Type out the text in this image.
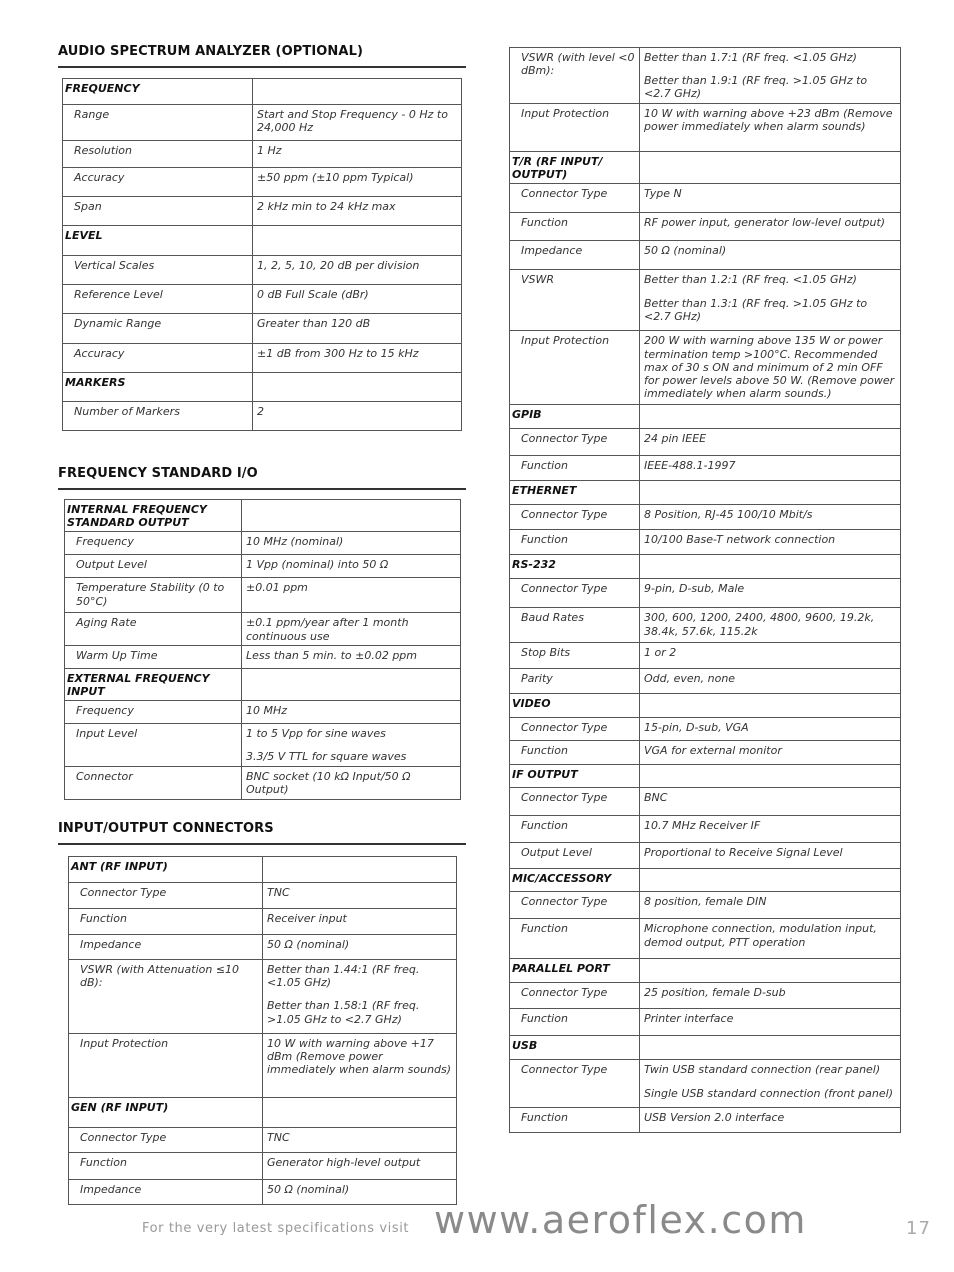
AUDIO SPECTRUM ANALYZER (OPTIONAL)
FREQUENCY	
Range	Start and Stop Frequency - 0 Hz to 24,000 Hz

Resolution	1 Hz

Accuracy	±50 ppm (±10 ppm Typical)

Span	2 kHz min to 24 kHz max

LEVEL	
Vertical Scales	1, 2, 5, 10, 20 dB per division

Reference Level	0 dB Full Scale (dBr)

Dynamic Range	Greater than 120 dB

Accuracy	±1 dB from 300 Hz to 15 kHz

MARKERS	
Number of Markers	2

FREQUENCY STANDARD I/O
INTERNAL FREQUENCY STANDARD OUTPUT	
Frequency	10 MHz (nominal)

Output Level	1 Vpp (nominal) into 50 Ω

Temperature Stability (0 to 50°C)	±0.01 ppm

Aging Rate	±0.1 ppm/year after 1 month continuous use

Warm Up Time	Less than 5 min. to ±0.02 ppm

EXTERNAL FREQUENCY INPUT	
Frequency	10 MHz

Input Level	1 to 5 Vpp for sine waves

3.3/5 V TTL for square waves

Connector	BNC socket (10 kΩ Input/50 Ω Output)

INPUT/OUTPUT CONNECTORS
ANT (RF INPUT)	
Connector Type	TNC

Function	Receiver input

Impedance	50 Ω (nominal)

VSWR (with Attenuation ≤10 dB):	Better than 1.44:1 (RF freq. <1.05 GHz)

Better than 1.58:1 (RF freq. >1.05 GHz to <2.7 GHz)

Input Protection	10 W with warning above +17 dBm (Remove power immediately when alarm sounds)

GEN (RF INPUT)	
Connector Type	TNC

Function	Generator high-level output

Impedance	50 Ω (nominal)

VSWR (with level <0 dBm):	Better than 1.7:1 (RF freq. <1.05 GHz)

Better than 1.9:1 (RF freq. >1.05 GHz to <2.7 GHz)

Input Protection	10 W with warning above +23 dBm (Remove power immediately when alarm sounds)

T/R (RF INPUT/ OUTPUT)	
Connector Type	Type N

Function	RF power input, generator low-level output)

Impedance	50 Ω (nominal)

VSWR	Better than 1.2:1 (RF freq. <1.05 GHz)

Better than 1.3:1 (RF freq. >1.05 GHz to <2.7 GHz)

Input Protection	200 W with warning above 135 W or power termination temp >100°C. Recommended max of 30 s ON and minimum of 2 min OFF for power levels above 50 W. (Remove power immediately when alarm sounds.)

GPIB	
Connector Type	24 pin IEEE

Function	IEEE-488.1-1997

ETHERNET	
Connector Type	8 Position, RJ-45 100/10 Mbit/s

Function	10/100 Base-T network connection

RS-232	
Connector Type	9-pin, D-sub, Male

Baud Rates	300, 600, 1200, 2400, 4800, 9600, 19.2k, 38.4k, 57.6k, 115.2k

Stop Bits	1 or 2

Parity	Odd, even, none

VIDEO	
Connector Type	15-pin, D-sub, VGA

Function	VGA for external monitor

IF OUTPUT	
Connector Type	BNC

Function	10.7 MHz Receiver IF

Output Level	Proportional to Receive Signal Level

MIC/ACCESSORY	
Connector Type	8 position, female DIN

Function	Microphone connection, modulation input, demod output, PTT operation

PARALLEL PORT	
Connector Type	25 position, female D-sub

Function	Printer interface

USB	
Connector Type	Twin USB standard connection (rear panel)

Single USB standard connection (front panel)

Function	USB Version 2.0 interface

For the very latest specifications visit www.aeroflex.com	17
